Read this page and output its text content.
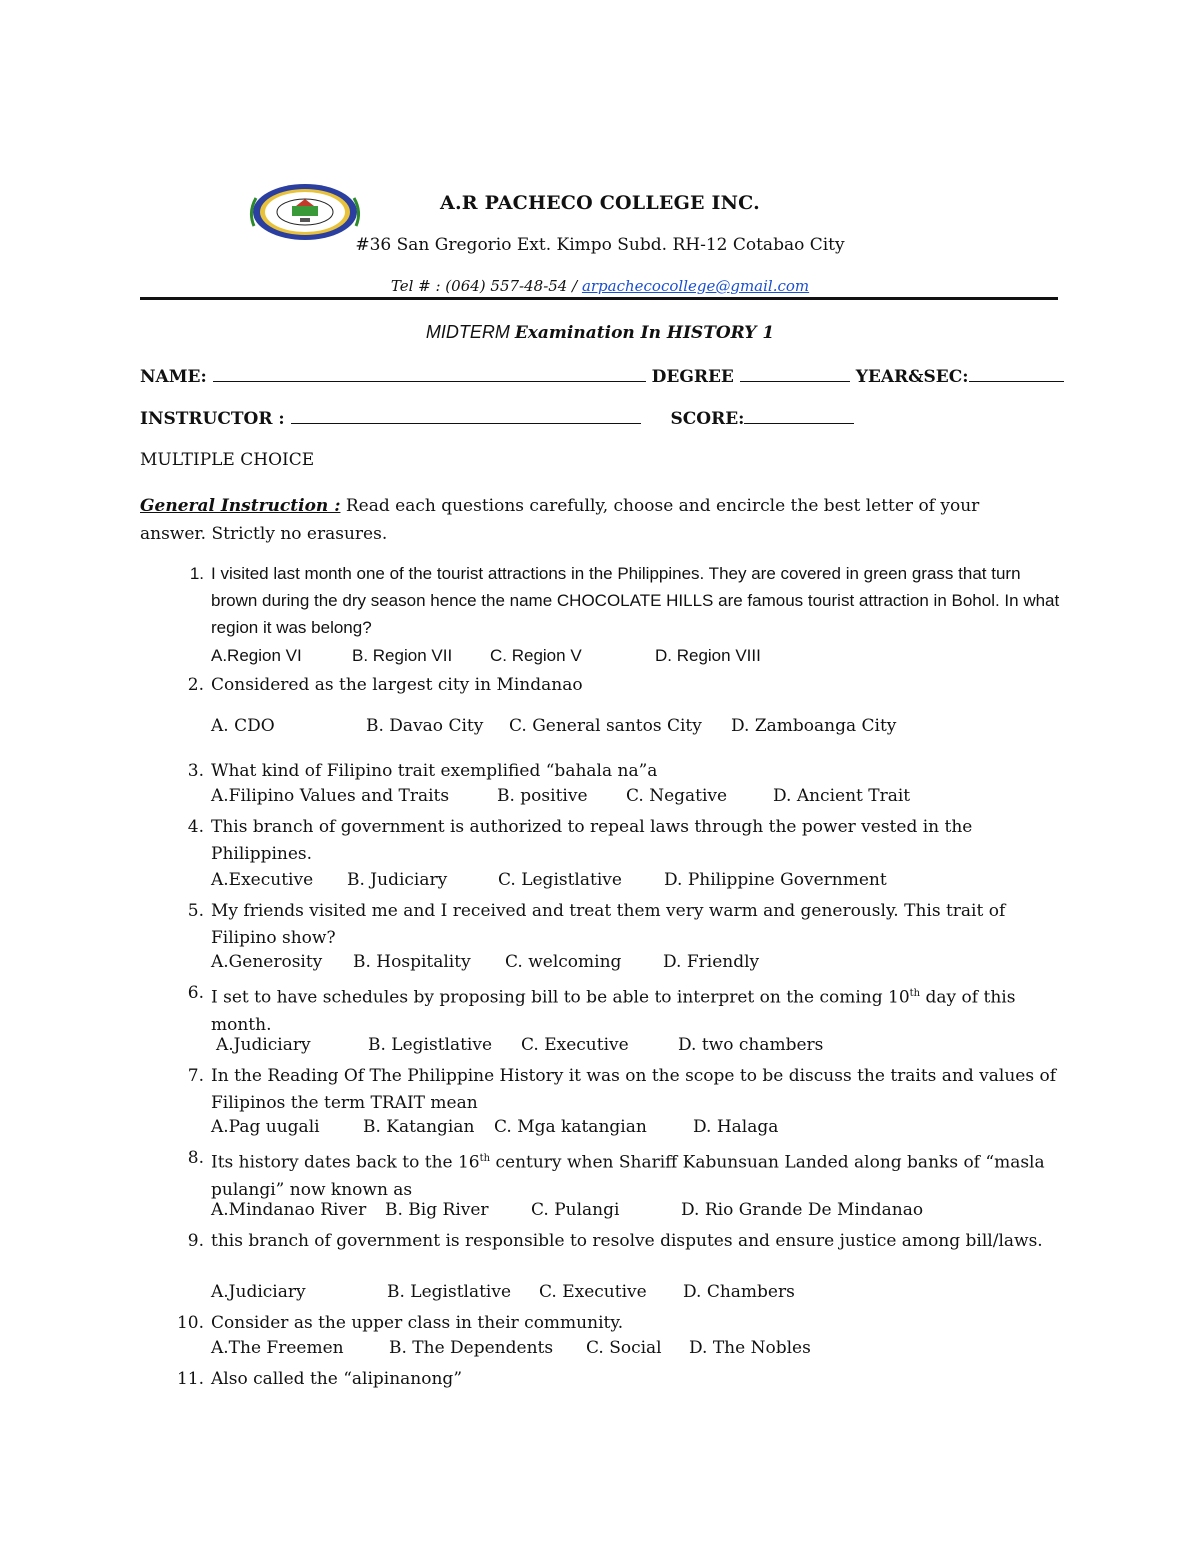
A.R PACHECO COLLEGE INC.
#36 San Gregorio Ext. Kimpo Subd. RH-12 Cotabao City
Tel # : (064) 557-48-54 / arpachecocollege@gmail.com
MIDTERM Examination In HISTORY 1
NAME:	DEGREE	YEAR&SEC:
INSTRUCTOR :	SCORE:
MULTIPLE CHOICE
General Instruction : Read each questions carefully, choose and encircle the best letter of your answer. Strictly no erasures.
1. I visited last month one of the tourist attractions in the Philippines. They are covered in green grass that turn brown during the dry season hence the name CHOCOLATE HILLS are famous tourist attraction in Bohol. In what region it was belong?
A.Region VI	B. Region VII C. Region V	D. Region VIII
2. Considered as the largest city in Mindanao
A. CDO	B. Davao City C. General santos City D. Zamboanga City
3. What kind of Filipino trait exemplified “bahala na”a
A.Filipino Values and Traits	B. positive C. Negative	D. Ancient Trait
4. This branch of government is authorized to repeal laws through the power vested in the Philippines.
A.Executive B. Judiciary	C. Legistlative D. Philippine Government
5. My friends visited me and I received and treat them very warm and generously. This trait of Filipino show?
A.Generosity B. Hospitality C. welcoming D. Friendly
6. I set to have schedules by proposing bill to be able to interpret on the coming 10th day of this month.
A.Judiciary	B. Legistlative C. Executive	D. two chambers
7. In the Reading Of The Philippine History it was on the scope to be discuss the traits and values of Filipinos the term TRAIT mean
A.Pag uugali	B. Katangian C. Mga katangian	D. Halaga
8. Its history dates back to the 16th century when Shariff Kabunsuan Landed along banks of “masla pulangi” now known as
A.Mindanao River B. Big River C. Pulangi	D. Rio Grande De Mindanao
9. this branch of government is responsible to resolve disputes and ensure justice among bill/laws.
A.Judiciary	B. Legistlative C. Executive D. Chambers
10. Consider as the upper class in their community.
A.The Freemen	B. The Dependents C. Social D. The Nobles
11. Also called the “alipinanong”
